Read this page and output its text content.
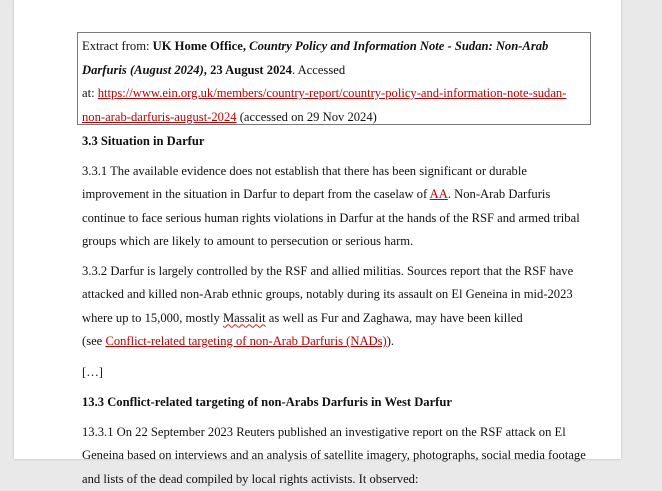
Extract from: UK Home Office, Country Policy and Information Note - Sudan: Non-Arab Darfuris (August 2024), 23 August 2024. Accessed
at: https://www.ein.org.uk/members/country-report/country-policy-and-information-note-sudan-non-arab-darfuris-august-2024 (accessed on 29 Nov 2024)

3.3 Situation in Darfur

3.3.1 The available evidence does not establish that there has been significant or durable improvement in the situation in Darfur to depart from the caselaw of AA. Non-Arab Darfuris continue to face serious human rights violations in Darfur at the hands of the RSF and armed tribal groups which are likely to amount to persecution or serious harm.

3.3.2 Darfur is largely controlled by the RSF and allied militias. Sources report that the RSF have attacked and killed non-Arab ethnic groups, notably during its assault on El Geneina in mid-2023 where up to 15,000, mostly Massalit as well as Fur and Zaghawa, may have been killed
(see Conflict-related targeting of non-Arab Darfuris (NADs)).

[…]

13.3 Conflict-related targeting of non-Arabs Darfuris in West Darfur

13.3.1 On 22 September 2023 Reuters published an investigative report on the RSF attack on El Geneina based on interviews and an analysis of satellite imagery, photographs, social media footage and lists of the dead compiled by local rights activists. It observed:
